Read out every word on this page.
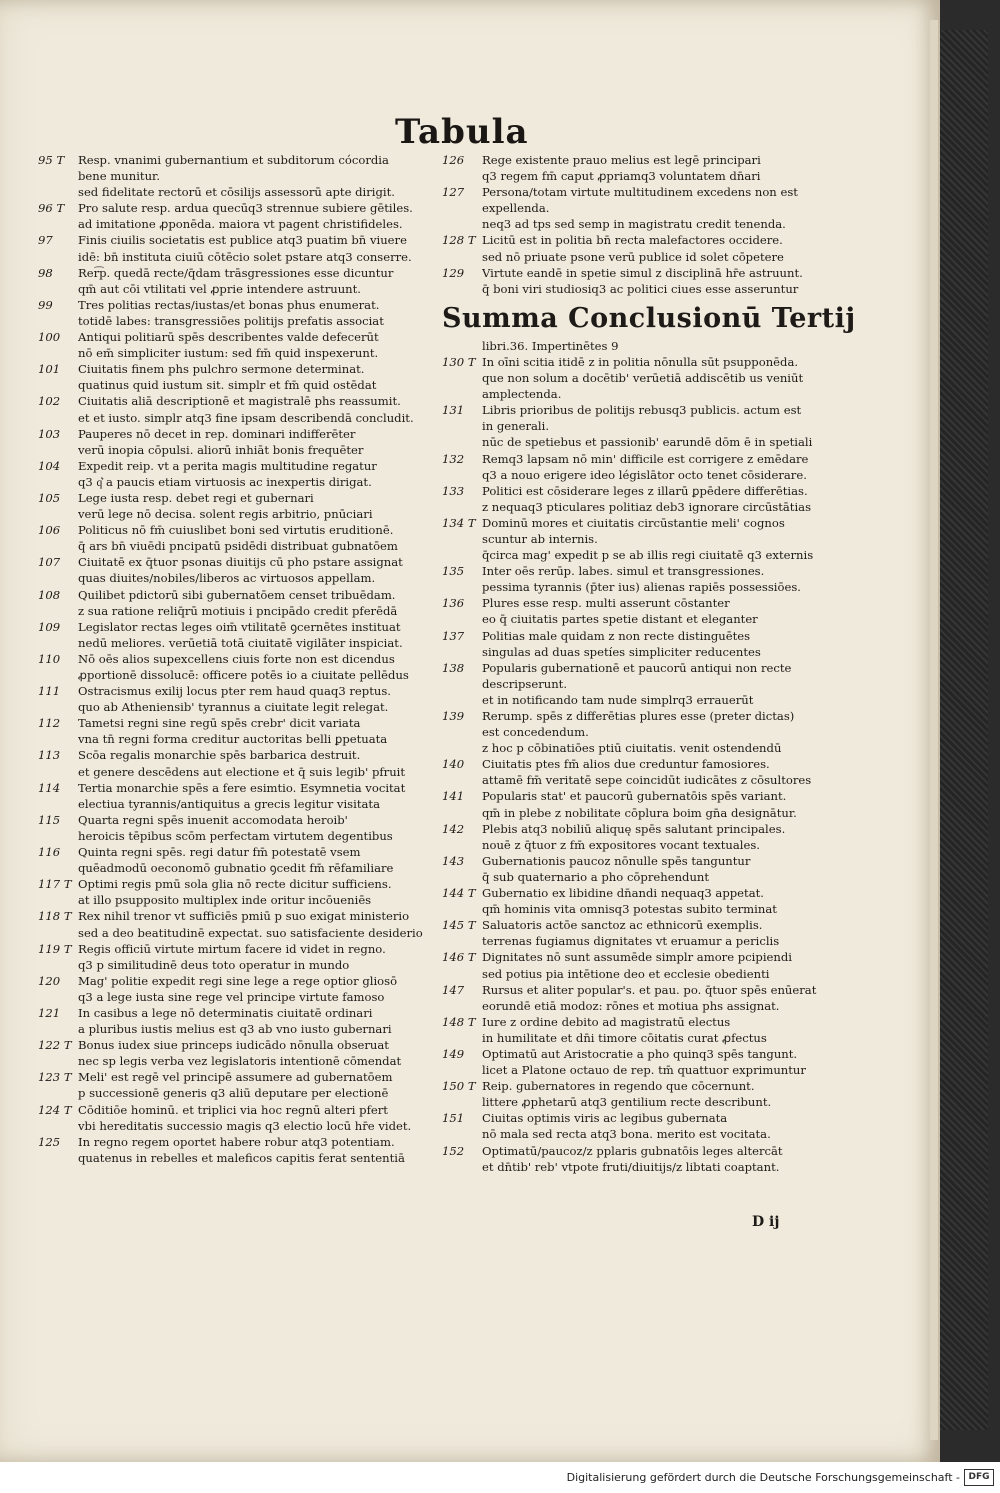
Tabula
95 T	Resp. vnanimi gubernantium et subditorum cócordia
bene munitur.
sed fidelitate rectorū et cōsilijs assessorū apte dirigit.
96 T	Pro salute resp. ardua quecūq3 strennue subiere gētiles.
ad imitatione ꝓponēda. maiora vt pagent christifideles.
97	Finis ciuilis societatis est publice atq3 puatim bn̄ viuere
idē: bn̄ instituta ciuiū cōtēcio solet pstare atq3 conserre.
98	Rer͡p. quedā recte/q̄dam trāsgressiones esse dicuntur
qm̄ aut cōi vtilitati vel ꝓprie intendere astruunt.
99	Tres politias rectas/iustas/et bonas phus enumerat.
totidē labes: transgressiōes politijs prefatis associat
100	Antiqui politiarū spēs describentes valde defecerūt
nō em̄ simpliciter iustum: sed fm̄ quid inspexerunt.
101	Ciuitatis finem phs pulchro sermone determinat.
quatinus quid iustum sit. simplr et fm̄ quid ostēdat
102	Ciuitatis aliā descriptionē et magistralē phs reassumit.
et et iusto. simplr atq3 fine ipsam describendā concludit.
103	Pauperes nō decet in rep. dominari indifferēter
verū inopia cōpulsi. aliorū inhiāt bonis frequēter
104	Expedit reip. vt a perita magis multitudine regatur
q3 q͛ a paucis etiam virtuosis ac inexpertis dirigat.
105	Lege iusta resp. debet regi et gubernari
verū lege nō decisa. solent regis arbitrio, pnūciari
106	Politicus nō fm̄ cuiuslibet boni sed virtutis eruditionē.
q̄ ars bn̄ viuēdi pncipatū psidēdi distribuat gubnatōem
107	Ciuitatē ex q̄tuor psonas diuitijs cū pho pstare assignat
quas diuites/nobiles/liberos ac virtuosos appellam.
108	Quilibet pdictorū sibi gubernatōem censet tribuēdam.
z sua ratione reliq̄rū motiuis i pncipādo credit pferēdā
109	Legislator rectas leges oim̄ vtilitatē ꝯcernētes instituat
nedū meliores. verūetiā totā ciuitatē vigilāter inspiciat.
110	Nō oēs alios supexcellens ciuis forte non est dicendus
ꝓportionē dissolucē: officere potēs io a ciuitate pellēdus
111	Ostracismus exilij locus pter rem haud quaq3 reptus.
quo ab Atheniensib' tyrannus a ciuitate legit relegat.
112	Tametsi regni sine regū spēs crebr' dicit variata
vna tn̄ regni forma creditur auctoritas belli ꝑpetuata
113	Scōa regalis monarchie spēs barbarica destruit.
et genere descēdens aut electione et q̄ suis legib' pfruit
114	Tertia monarchie spēs a fere esimtio. Esymnetia vocitat
electiua tyrannis/antiquitus a grecis legitur visitata
115	Quarta regni spēs inuenit accomodata heroib'
heroicis tēpibus scōm perfectam virtutem degentibus
116	Quinta regni spēs. regi datur fm̄ potestatē vsem
quēadmodū oeconomō gubnatio ꝯcedit fm̄ rēfamiliare
117 T Optimi regis pmū sola glia nō recte dicitur sufficiens.
at illo psupposito multiplex inde oritur incōueniēs
118 T Rex nihil trenor vt sufficiēs pmiū p suo exigat ministerio
sed a deo beatitudinē expectat. suo satisfaciente desiderio
119 T Regis officiū virtute mirtum facere id videt in regno.
q3 p similitudinē deus toto operatur in mundo
120	Mag' politie expedit regi sine lege a rege optior gliosō
q3 a lege iusta sine rege vel principe virtute famoso
121	In casibus a lege nō determinatis ciuitatē ordinari
a pluribus iustis melius est q3 ab vno iusto gubernari
122 T Bonus iudex siue princeps iudicādo nōnulla obseruat
nec sp legis verba vez legislatoris intentionē cōmendat
123 T Meli' est regē vel principē assumere ad gubernatōem
p successionē generis q3 aliū deputare per electionē
124 T Cōditiōe hominū. et triplici via hoc regnū alteri pfert
vbi hereditatis successio magis q3 electio locū hr̄e videt.
125	In regno regem oportet habere robur atq3 potentiam.
quatenus in rebelles et maleficos capitis ferat sententiā
126	Rege existente prauo melius est legē principari
q3 regem fm̄ caput ꝓpriamq3 voluntatem dn̄ari
127	Persona/totam virtute multitudinem excedens non est
expellenda.
neq3 ad tps sed semp in magistratu credit tenenda.
128 T Licitū est in politia bn̄ recta malefactores occidere.
sed nō priuate psone verū publice id solet cōpetere
129	Virtute eandē in spetie simul z disciplinā hr̄e astruunt.
q̄ boni viri studiosiq3 ac politici ciues esse asseruntur
Summa Conclusionū Tertij
libri.36. Impertinētes 9
130 T In oīni scitia itidē z in politia nōnulla sūt psupponēda.
que non solum a docētib' verūetiā addiscētib us veniūt
amplectenda.
131	Libris prioribus de politijs rebusq3 publicis. actum est
in generali.
nūc de spetiebus et passionib' earundē dōm ē in spetiali
132	Remq3 lapsam nō min' difficile est corrigere z emēdare
q3 a nouo erigere ideo législātor octo tenet cōsiderare.
133	Politici est cōsiderare leges z illarū ꝑpēdere differētias.
z nequaq3 pticulares politiaz deb3 ignorare circūstātias
134 T Dominū mores et ciuitatis circūstantie meli' cognos
scuntur ab internis.
q̄circa mag' expedit p se ab illis regi ciuitatē q3 externis
135	Inter oēs rerūp. labes. simul et transgressiones.
pessima tyrannis (p̄ter ius) alienas rapiēs possessiōes.
136	Plures esse resp. multi asserunt cōstanter
eo q̄ ciuitatis partes spetie distant et eleganter
137	Politias male quidam z non recte distinguētes
singulas ad duas spetíes simpliciter reducentes
138	Popularis gubernationē et paucorū antiqui non recte
descripserunt.
et in notificando tam nude simplrq3 errauerūt
139	Rerump. spēs z differētias plures esse (preter dictas)
est concedendum.
z hoc p cōbinatiōes ptiū ciuitatis. venit ostendendū
140	Ciuitatis ptes fm̄ alios due creduntur famosiores.
attamē fm̄ veritatē sepe coincidūt iudicātes z cōsultores
141	Popularis stat' et paucorū gubernatōis spēs variant.
qm̄ in plebe z nobilitate cōplura boim gn̄a designātur.
142	Plebis atq3 nobiliū aliquę spēs salutant principales.
nouē z q̄tuor z fm̄ expositores vocant textuales.
143	Gubernationis paucoz nōnulle spēs tanguntur
q̄ sub quaternario a pho cōprehendunt
144 T Gubernatio ex libidine dn̄andi nequaq3 appetat.
qm̄ hominis vita omnisq3 potestas subito terminat
145 T Saluatoris actōe sanctoz ac ethnicorū exemplis.
terrenas fugiamus dignitates vt eruamur a periclis
146 T Dignitates nō sunt assumēde simplr amore pcipiendi
sed potius pia intētione deo et ecclesie obedienti
147	Rursus et aliter popular's. et pau. po. q̄tuor spēs enūerat
eorundē etiā modoz: rōnes et motiua phs assignat.
148 T Iure z ordine debito ad magistratū electus
in humilitate et dn̄i timore cōitatis curat ꝓfectus
149	Optimatū aut Aristocratie a pho quinq3 spēs tangunt.
licet a Platone octauo de rep. tm̄ quattuor exprimuntur
150 T Reip. gubernatores in regendo que cōcernunt.
littere ꝓphetarū atq3 gentilium recte describunt.
151	Ciuitas optimis viris ac legibus gubernata
nō mala sed recta atq3 bona. merito est vocitata.
152	Optimatū/paucoz/z pplaris gubnatōis leges altercāt
et dn̄tib' reb' vtpote fruti/diuitijs/z libtati coaptant.
D ij
Digitalisierung gefördert durch die Deutsche Forschungsgemeinschaft - DFG
